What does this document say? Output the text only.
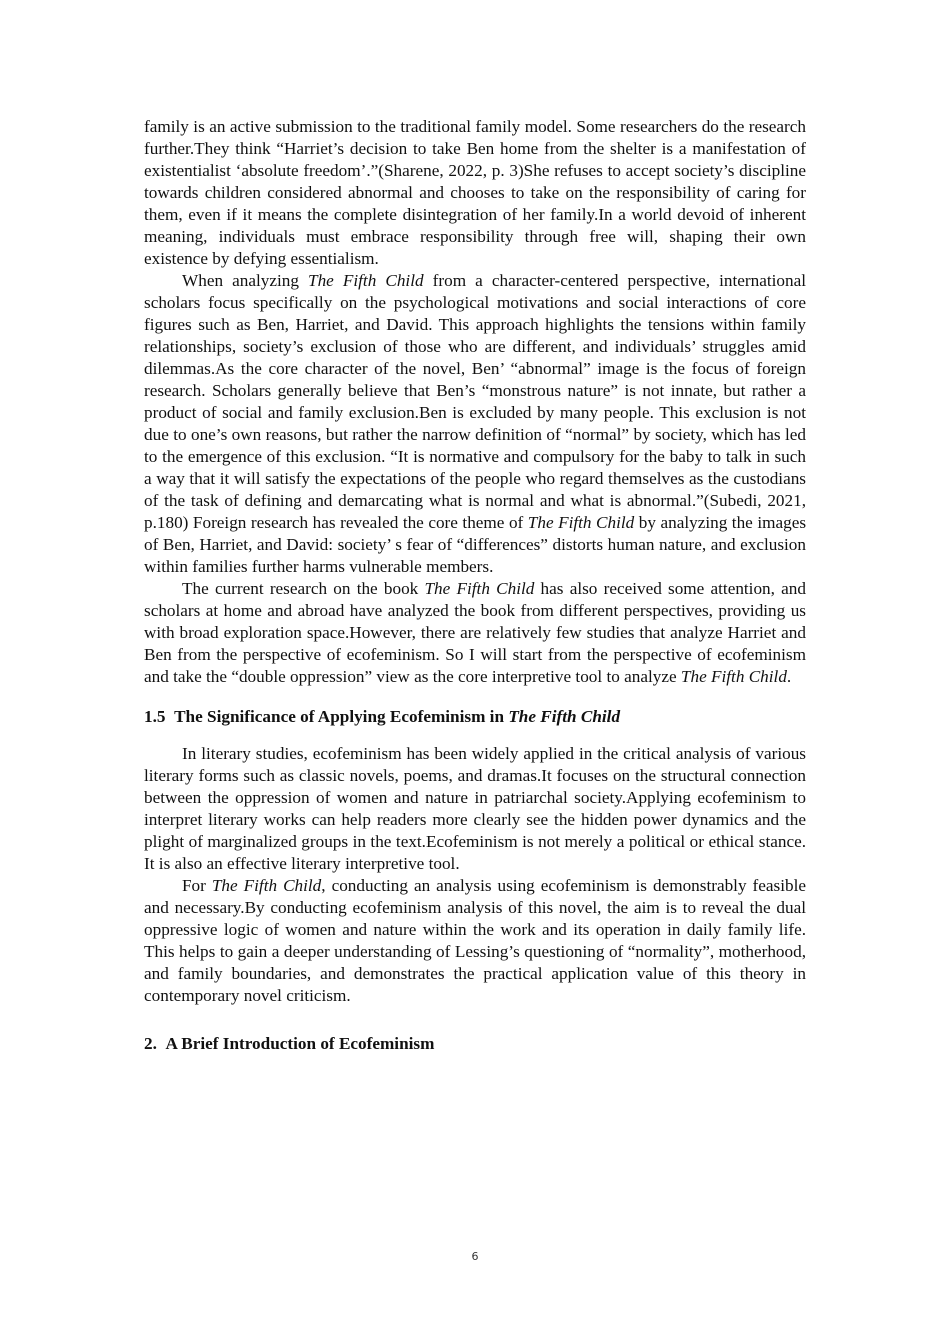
family is an active submission to the traditional family model. Some researchers do the research further.They think “Harriet’s decision to take Ben home from the shelter is a manifestation of existentialist ‘absolute freedom’.”(Sharene, 2022, p. 3)She refuses to accept society’s discipline towards children considered abnormal and chooses to take on the responsibility of caring for them, even if it means the complete disintegration of her family.In a world devoid of inherent meaning, individuals must embrace responsibility through free will, shaping their own existence by defying essentialism.

When analyzing The Fifth Child from a character-centered perspective, international scholars focus specifically on the psychological motivations and social interactions of core figures such as Ben, Harriet, and David. This approach highlights the tensions within family relationships, society’s exclusion of those who are different, and individuals’ struggles amid dilemmas.As the core character of the novel, Ben’ “abnormal” image is the focus of foreign research. Scholars generally believe that Ben’s “monstrous nature” is not innate, but rather a product of social and family exclusion.Ben is excluded by many people. This exclusion is not due to one’s own reasons, but rather the narrow definition of “normal” by society, which has led to the emergence of this exclusion. “It is normative and compulsory for the baby to talk in such a way that it will satisfy the expectations of the people who regard themselves as the custodians of the task of defining and demarcating what is normal and what is abnormal.”(Subedi, 2021, p.180) Foreign research has revealed the core theme of The Fifth Child by analyzing the images of Ben, Harriet, and David: society’ s fear of “differences” distorts human nature, and exclusion within families further harms vulnerable members.

The current research on the book The Fifth Child has also received some attention, and scholars at home and abroad have analyzed the book from different perspectives, providing us with broad exploration space.However, there are relatively few studies that analyze Harriet and Ben from the perspective of ecofeminism. So I will start from the perspective of ecofeminism and take the “double oppression” view as the core interpretive tool to analyze The Fifth Child.

1.5 The Significance of Applying Ecofeminism in The Fifth Child

In literary studies, ecofeminism has been widely applied in the critical analysis of various literary forms such as classic novels, poems, and dramas.It focuses on the structural connection between the oppression of women and nature in patriarchal society.Applying ecofeminism to interpret literary works can help readers more clearly see the hidden power dynamics and the plight of marginalized groups in the text.Ecofeminism is not merely a political or ethical stance. It is also an effective literary interpretive tool.

For The Fifth Child, conducting an analysis using ecofeminism is demonstrably feasible and necessary.By conducting ecofeminism analysis of this novel, the aim is to reveal the dual oppressive logic of women and nature within the work and its operation in daily family life. This helps to gain a deeper understanding of Lessing’s questioning of “normality”, motherhood, and family boundaries, and demonstrates the practical application value of this theory in contemporary novel criticism.

2. A Brief Introduction of Ecofeminism
6
